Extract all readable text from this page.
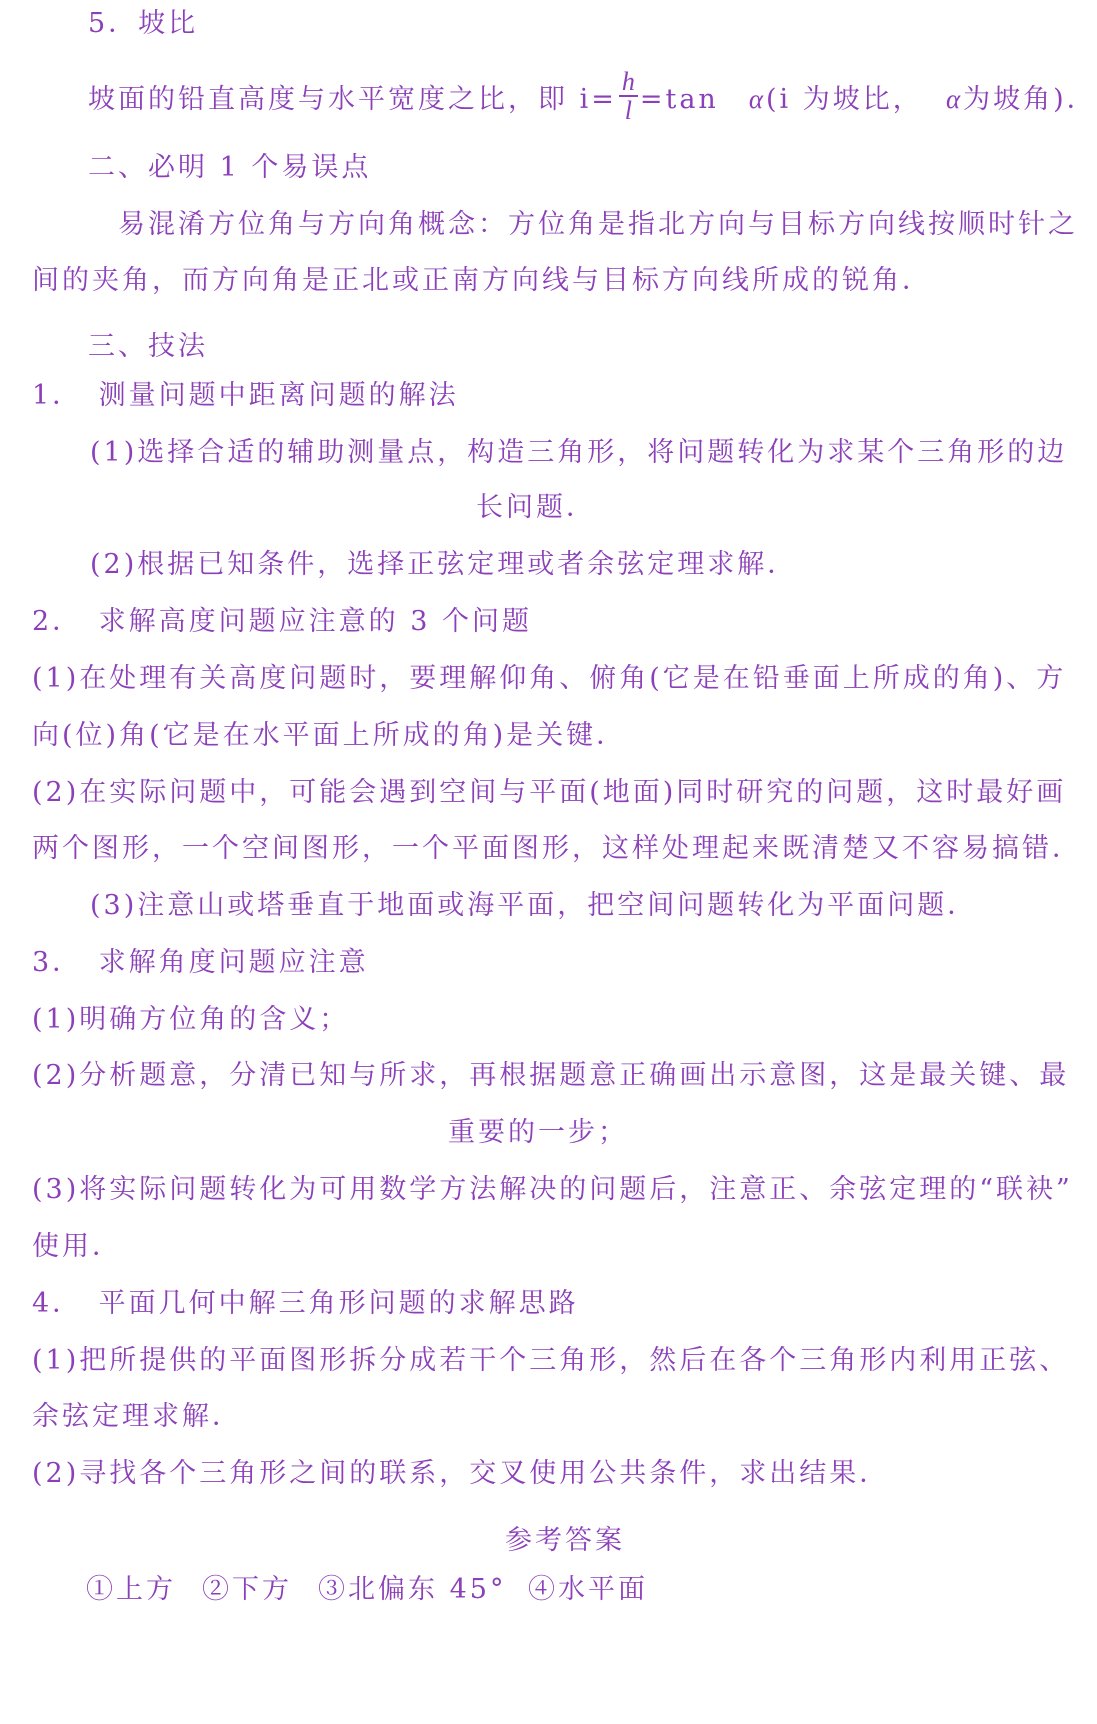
5．坡比
坡面的铅直高度与水平宽度之比，即 $i= \frac{h}{l} =\tan$　α(i 为坡比， α为坡角)．
二、必明 1 个易误点
易混淆方位角与方向角概念：方位角是指北方向与目标方向线按顺时针之
间的夹角，而方向角是正北或正南方向线与目标方向线所成的锐角．
三、技法
1．　测量问题中距离问题的解法
(1)选择合适的辅助测量点，构造三角形，将问题转化为求某个三角形的边
长问题．
(2)根据已知条件，选择正弦定理或者余弦定理求解．
2．　求解高度问题应注意的 3 个问题
(1)在处理有关高度问题时，要理解仰角、俯角(它是在铅垂面上所成的角)、方
向(位)角(它是在水平面上所成的角)是关键．
(2)在实际问题中，可能会遇到空间与平面(地面)同时研究的问题，这时最好画
两个图形，一个空间图形，一个平面图形，这样处理起来既清楚又不容易搞错．
(3)注意山或塔垂直于地面或海平面，把空间问题转化为平面问题．
3．　求解角度问题应注意
(1)明确方位角的含义；
(2)分析题意，分清已知与所求，再根据题意正确画出示意图，这是最关键、最
重要的一步；
(3)将实际问题转化为可用数学方法解决的问题后，注意正、余弦定理的“联袂”
使用．
4．　平面几何中解三角形问题的求解思路
(1)把所提供的平面图形拆分成若干个三角形，然后在各个三角形内利用正弦、
余弦定理求解．
(2)寻找各个三角形之间的联系，交叉使用公共条件，求出结果．
参考答案
①上方 ②下方 ③北偏东 45° ④水平面
